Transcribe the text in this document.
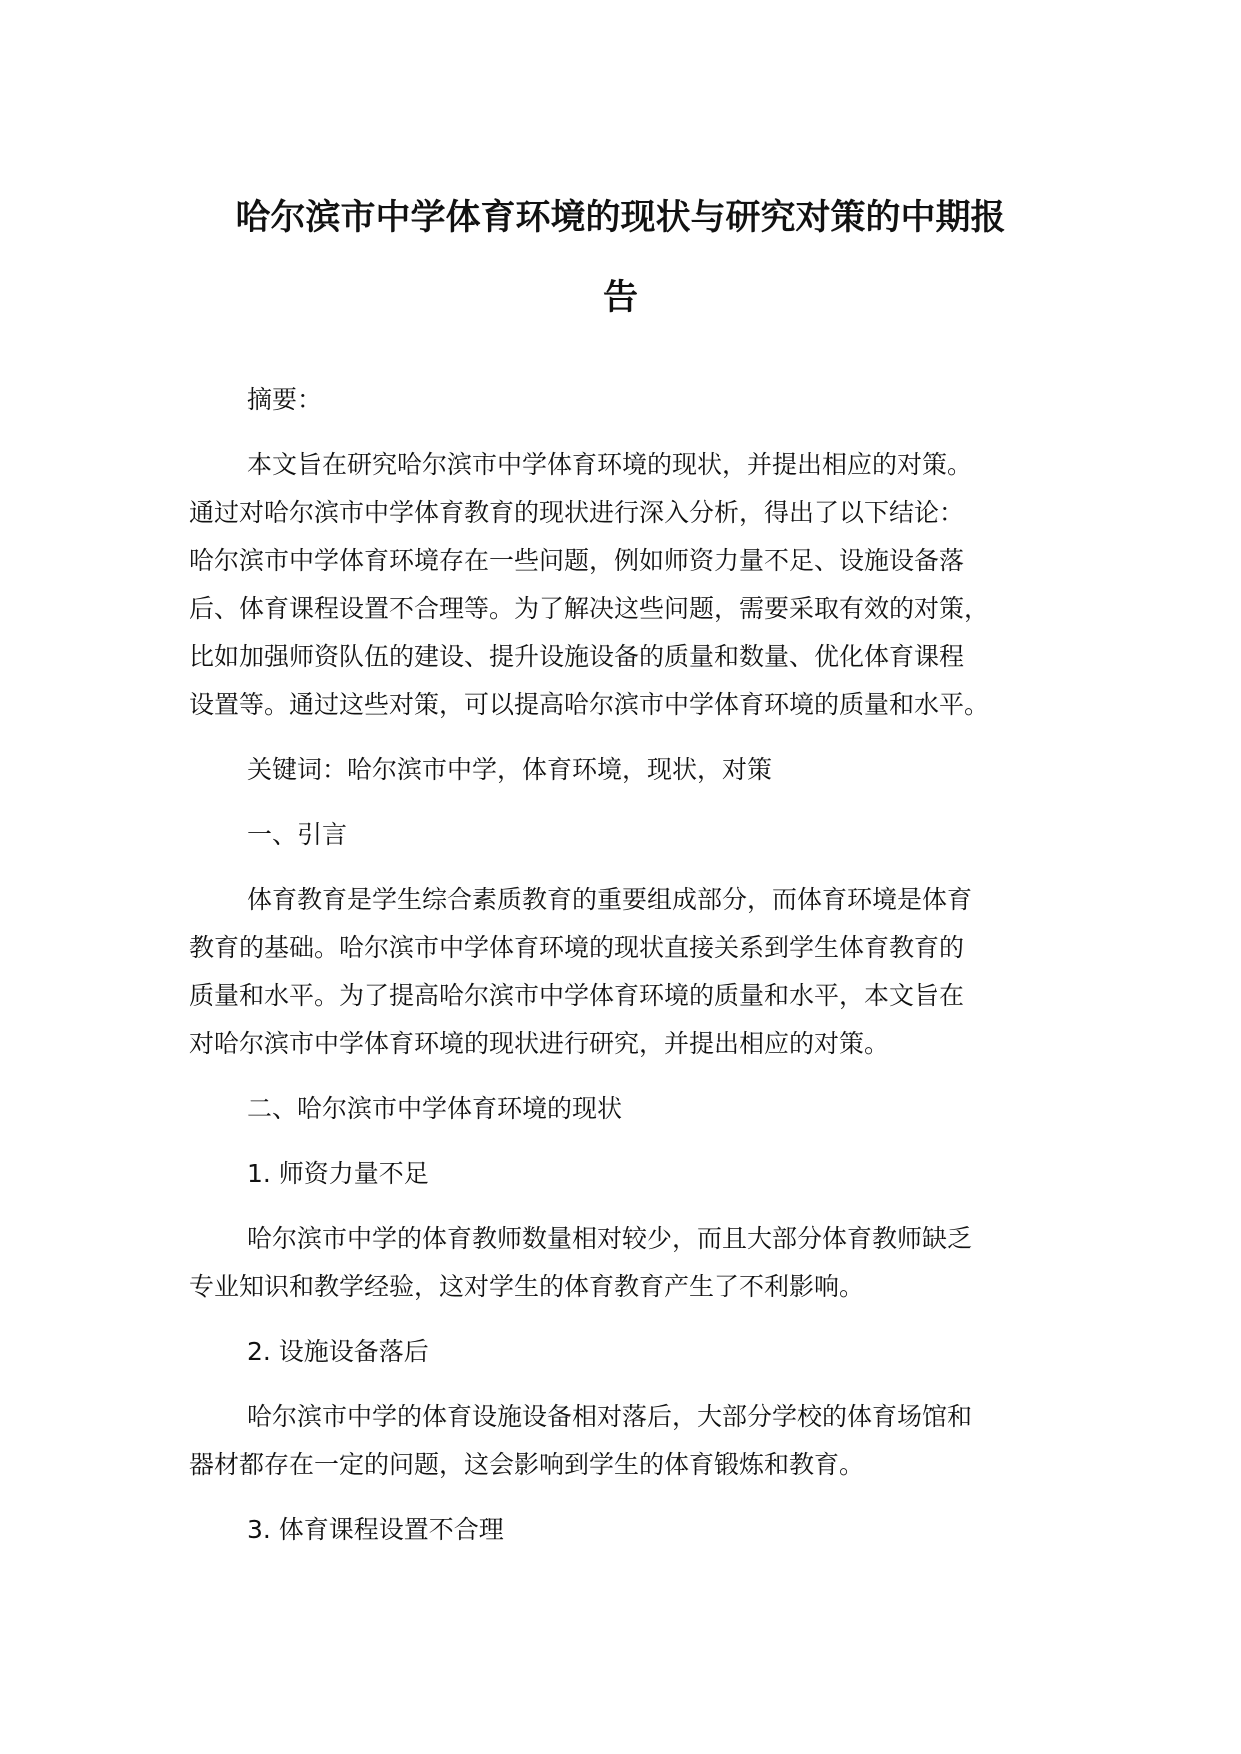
哈尔滨市中学体育环境的现状与研究对策的中期报
告
摘要：
本文旨在研究哈尔滨市中学体育环境的现状，并提出相应的对策。
通过对哈尔滨市中学体育教育的现状进行深入分析，得出了以下结论：
哈尔滨市中学体育环境存在一些问题，例如师资力量不足、设施设备落
后、体育课程设置不合理等。为了解决这些问题，需要采取有效的对策，
比如加强师资队伍的建设、提升设施设备的质量和数量、优化体育课程
设置等。通过这些对策，可以提高哈尔滨市中学体育环境的质量和水平。
关键词：哈尔滨市中学，体育环境，现状，对策
一、引言
体育教育是学生综合素质教育的重要组成部分，而体育环境是体育
教育的基础。哈尔滨市中学体育环境的现状直接关系到学生体育教育的
质量和水平。为了提高哈尔滨市中学体育环境的质量和水平，本文旨在
对哈尔滨市中学体育环境的现状进行研究，并提出相应的对策。
二、哈尔滨市中学体育环境的现状
1. 师资力量不足
哈尔滨市中学的体育教师数量相对较少，而且大部分体育教师缺乏
专业知识和教学经验，这对学生的体育教育产生了不利影响。
2. 设施设备落后
哈尔滨市中学的体育设施设备相对落后，大部分学校的体育场馆和
器材都存在一定的问题，这会影响到学生的体育锻炼和教育。
3. 体育课程设置不合理
